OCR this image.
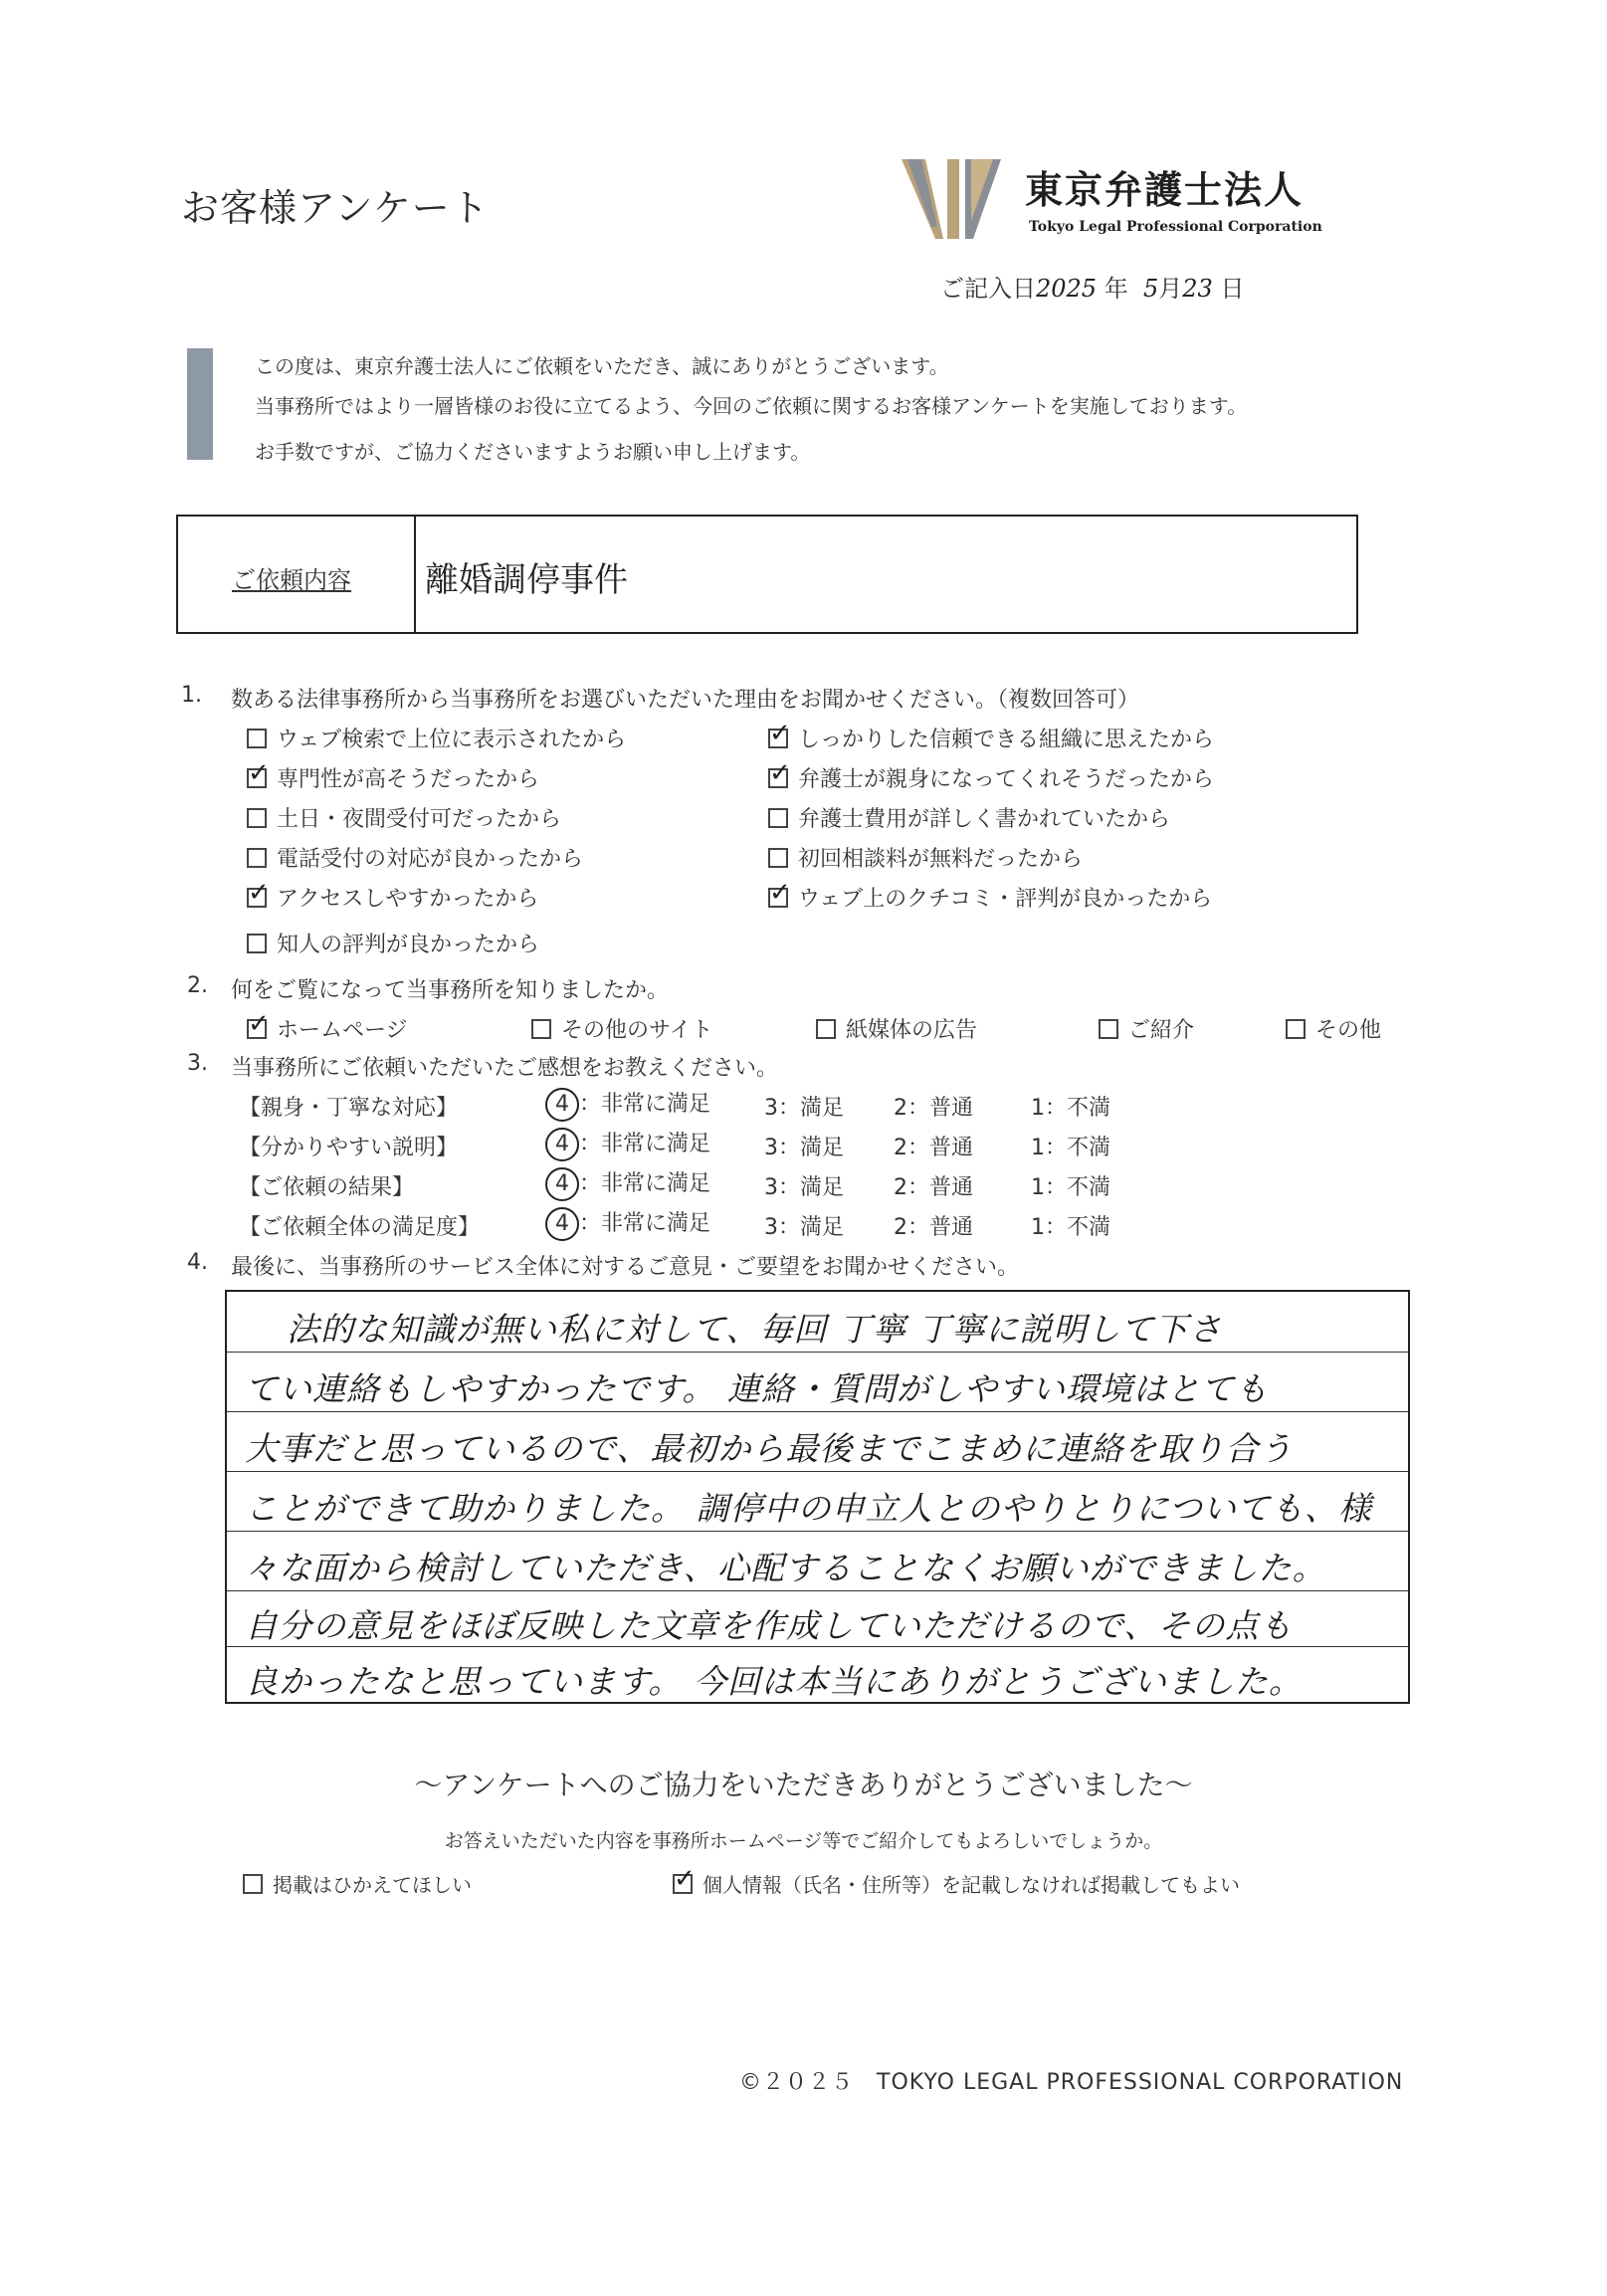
お客様アンケート	東京弁護士法人
Tokyo Legal Professional Corporation
ご記入日2025 年 5月23 日
この度は、東京弁護士法人にご依頼をいただき、誠にありがとうございます。
当事務所ではより一層皆様のお役に立てるよう、今回のご依頼に関するお客様アンケートを実施しております。
お手数ですが、ご協力くださいますようお願い申し上げます。
ご依頼内容 離婚調停事件
1. 数ある法律事務所から当事務所をお選びいただいた理由をお聞かせください。（複数回答可）
ウェブ検索で上位に表示されたから ✓	しっかりした信頼できる組織に思えたから
✓専門性が高そうだったから ✓	弁護士が親身になってくれそうだったから
土日・夜間受付可だったから	弁護士費用が詳しく書かれていたから
電話受付の対応が良かったから	初回相談料が無料だったから
✓アクセスしやすかったから ✓	ウェブ上のクチコミ・評判が良かったから
知人の評判が良かったから
2. 何をご覧になって当事務所を知りましたか。
✓ホームページ	その他のサイト	紙媒体の広告	ご紹介	その他
3. 当事務所にご依頼いただいたご感想をお教えください。
【親身・丁寧な対応】	4 ：非常に満足 3：満足 2：普通	1：不満
【分かりやすい説明】	4 ：非常に満足 3：満足 2：普通	1：不満
【ご依頼の結果】	4 ：非常に満足 3：満足 2：普通	1：不満
【ご依頼全体の満足度】	4 ：非常に満足 3：満足 2：普通	1：不満
4. 最後に、当事務所のサービス全体に対するご意見・ご要望をお聞かせください。
法的な知識が無い私に対して、毎回 丁寧 丁寧に説明して下さ
てい連絡もしやすかったです。 連絡・質問がしやすい環境はとても
大事だと思っているので、最初から最後までこまめに連絡を取り合う
ことができて助かりました。 調停中の申立人とのやりとりについても、様
々な面から検討していただき、心配することなくお願いができました。
自分の意見をほぼ反映した文章を作成していただけるので、その点も
良かったなと思っています。 今回は本当にありがとうございました。
〜アンケートへのご協力をいただきありがとうございました〜
お答えいただいた内容を事務所ホームページ等でご紹介してもよろしいでしょうか。
掲載はひかえてほしい ✓	個人情報（氏名・住所等）を記載しなければ掲載してもよい
©２０２５　TOKYO LEGAL PROFESSIONAL CORPORATION
